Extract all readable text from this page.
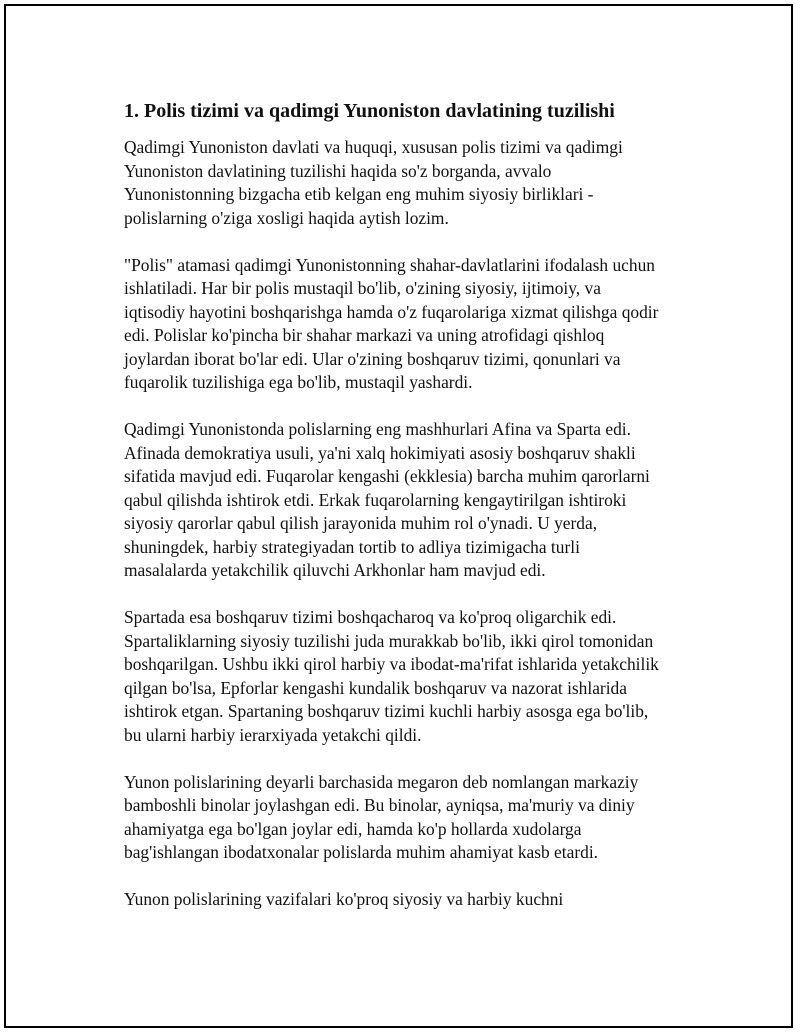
1. Polis tizimi va qadimgi Yunoniston davlatining tuzilishi

Qadimgi Yunoniston davlati va huquqi, xususan polis tizimi va qadimgi
Yunoniston davlatining tuzilishi haqida so'z borganda, avvalo
Yunonistonning bizgacha etib kelgan eng muhim siyosiy birliklari -
polislarning o'ziga xosligi haqida aytish lozim.

"Polis" atamasi qadimgi Yunonistonning shahar-davlatlarini ifodalash uchun
ishlatiladi. Har bir polis mustaqil bo'lib, o'zining siyosiy, ijtimoiy, va
iqtisodiy hayotini boshqarishga hamda o'z fuqarolariga xizmat qilishga qodir
edi. Polislar ko'pincha bir shahar markazi va uning atrofidagi qishloq
joylardan iborat bo'lar edi. Ular o'zining boshqaruv tizimi, qonunlari va
fuqarolik tuzilishiga ega bo'lib, mustaqil yashardi.

Qadimgi Yunonistonda polislarning eng mashhurlari Afina va Sparta edi.
Afinada demokratiya usuli, ya'ni xalq hokimiyati asosiy boshqaruv shakli
sifatida mavjud edi. Fuqarolar kengashi (ekklesia) barcha muhim qarorlarni
qabul qilishda ishtirok etdi. Erkak fuqarolarning kengaytirilgan ishtiroki
siyosiy qarorlar qabul qilish jarayonida muhim rol o'ynadi. U yerda,
shuningdek, harbiy strategiyadan tortib to adliya tizimigacha turli
masalalarda yetakchilik qiluvchi Arkhonlar ham mavjud edi.

Spartada esa boshqaruv tizimi boshqacharoq va ko'proq oligarchik edi.
Spartaliklarning siyosiy tuzilishi juda murakkab bo'lib, ikki qirol tomonidan
boshqarilgan. Ushbu ikki qirol harbiy va ibodat-ma'rifat ishlarida yetakchilik
qilgan bo'lsa, Epforlar kengashi kundalik boshqaruv va nazorat ishlarida
ishtirok etgan. Spartaning boshqaruv tizimi kuchli harbiy asosga ega bo'lib,
bu ularni harbiy ierarxiyada yetakchi qildi.

Yunon polislarining deyarli barchasida megaron deb nomlangan markaziy
bamboshli binolar joylashgan edi. Bu binolar, ayniqsa, ma'muriy va diniy
ahamiyatga ega bo'lgan joylar edi, hamda ko'p hollarda xudolarga
bag'ishlangan ibodatxonalar polislarda muhim ahamiyat kasb etardi.

Yunon polislarining vazifalari ko'proq siyosiy va harbiy kuchni
